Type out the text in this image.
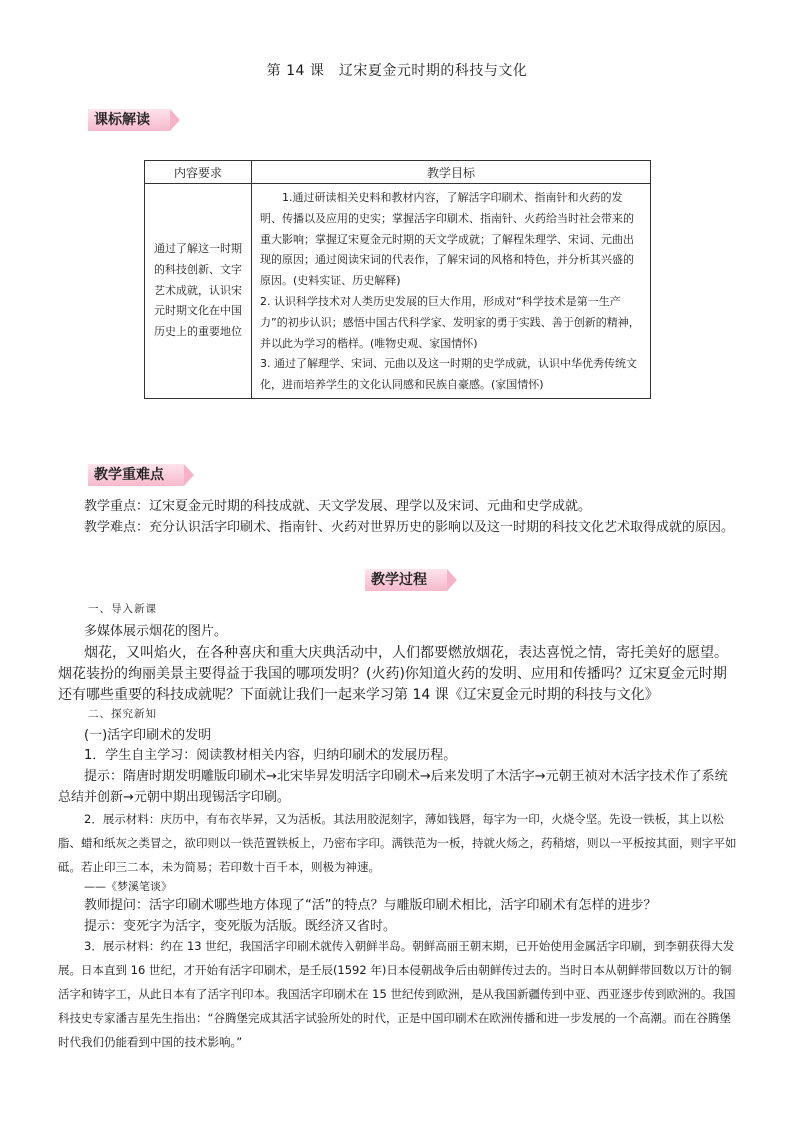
第 14 课　辽宋夏金元时期的科技与文化
课标解读
内容要求	教学目标
通过了解这一时期的科技创新、文字艺术成就，认识宋元时期文化在中国历史上的重要地位	1.通过研读相关史料和教材内容，了解活字印刷术、指南针和火药的发明、传播以及应用的史实；掌握活字印刷术、指南针、火药给当时社会带来的重大影响；掌握辽宋夏金元时期的天文学成就；了解程朱理学、宋词、元曲出现的原因；通过阅读宋词的代表作，了解宋词的风格和特色，并分析其兴盛的原因。(史料实证、历史解释)

2. 认识科学技术对人类历史发展的巨大作用，形成对“科学技术是第一生产力”的初步认识；感悟中国古代科学家、发明家的勇于实践、善于创新的精神，并以此为学习的楷样。(唯物史观、家国情怀)

3. 通过了解理学、宋词、元曲以及这一时期的史学成就，认识中华优秀传统文化，进而培养学生的文化认同感和民族自豪感。(家国情怀)

教学重难点

教学重点：辽宋夏金元时期的科技成就、天文学发展、理学以及宋词、元曲和史学成就。

教学难点：充分认识活字印刷术、指南针、火药对世界历史的影响以及这一时期的科技文化艺术取得成就的原因。

教学过程
一、导入新课

多媒体展示烟花的图片。

烟花，又叫焰火，在各种喜庆和重大庆典活动中，人们都要燃放烟花，表达喜悦之情，寄托美好的愿望。烟花装扮的绚丽美景主要得益于我国的哪项发明？(火药)你知道火药的发明、应用和传播吗？辽宋夏金元时期还有哪些重要的科技成就呢？下面就让我们一起来学习第 14 课《辽宋夏金元时期的科技与文化》

二、探究新知

(一)活字印刷术的发明

1．学生自主学习：阅读教材相关内容，归纳印刷术的发展历程。

提示：隋唐时期发明雕版印刷术→北宋毕昇发明活字印刷术→后来发明了木活字→元朝王祯对木活字技术作了系统总结并创新→元朝中期出现锡活字印刷。

2．展示材料：庆历中，有布衣毕昇，又为活板。其法用胶泥刻字，薄如钱唇，每字为一印，火烧令坚。先设一铁板，其上以松脂、蜡和纸灰之类冒之，欲印则以一铁范置铁板上，乃密布字印。满铁范为一板，持就火炀之，药稍熔，则以一平板按其面，则字平如砥。若止印三二本，未为简易；若印数十百千本，则极为神速。

——《梦溪笔谈》

教师提问：活字印刷术哪些地方体现了“活”的特点？与雕版印刷术相比，活字印刷术有怎样的进步？

提示：变死字为活字，变死版为活版。既经济又省时。

3．展示材料：约在 13 世纪，我国活字印刷术就传入朝鲜半岛。朝鲜高丽王朝末期，已开始使用金属活字印刷，到李朝获得大发展。日本直到 16 世纪，才开始有活字印刷术，是壬辰(1592 年)日本侵朝战争后由朝鲜传过去的。当时日本从朝鲜带回数以万计的铜活字和铸字工，从此日本有了活字刊印本。我国活字印刷术在 15 世纪传到欧洲，是从我国新疆传到中亚、西亚逐步传到欧洲的。我国科技史专家潘吉星先生指出：“谷腾堡完成其活字试验所处的时代，正是中国印刷术在欧洲传播和进一步发展的一个高潮。而在谷腾堡时代我们仍能看到中国的技术影响。”
